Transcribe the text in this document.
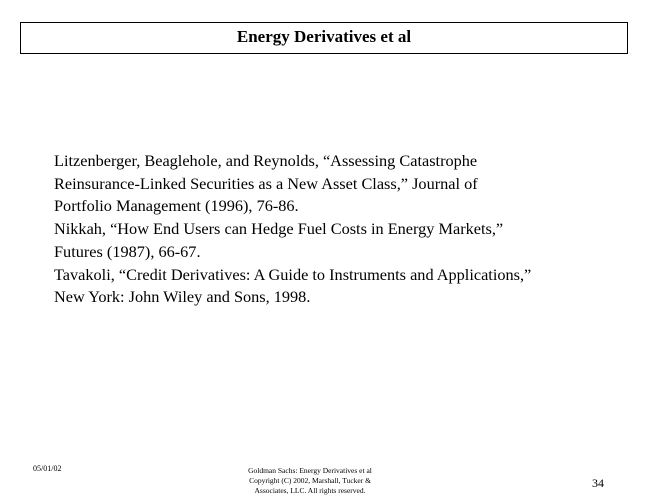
Energy Derivatives et al
Litzenberger, Beaglehole, and Reynolds, “Assessing Catastrophe
Reinsurance-Linked Securities as a New Asset Class,” Journal of
Portfolio Management (1996), 76-86.
Nikkah, “How End Users can Hedge Fuel Costs in Energy Markets,”
Futures (1987), 66-67.
Tavakoli, “Credit Derivatives: A Guide to Instruments and Applications,”
New York: John Wiley and Sons, 1998.
05/01/02	Goldman Sachs: Energy Derivatives et al
Copyright (C) 2002, Marshall, Tucker &
Associates, LLC. All rights reserved.
34
